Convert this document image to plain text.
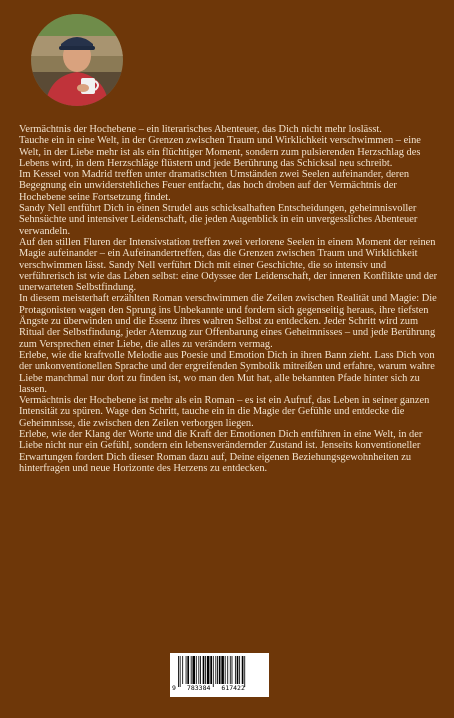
Vermächtnis der Hochebene – ein literarisches Abenteuer, das Dich nicht mehr loslässt.

Tauche ein in eine Welt, in der Grenzen zwischen Traum und Wirklichkeit verschwimmen – eine Welt, in der Liebe mehr ist als ein flüchtiger Moment, sondern zum pulsierenden Herzschlag des Lebens wird, in dem Herzschläge flüstern und jede Berührung das Schicksal neu schreibt.

Im Kessel von Madrid treffen unter dramatischten Umständen zwei Seelen aufeinander, deren Begegnung ein unwiderstehliches Feuer entfacht, das hoch droben auf der Vermächtnis der Hochebene seine Fortsetzung findet.

Sandy Nell entführt Dich in einen Strudel aus schicksalhaften Entscheidungen, geheimnisvoller Sehnsüchte und intensiver Leidenschaft, die jeden Augenblick in ein unvergessliches Abenteuer verwandeln.

Auf den stillen Fluren der Intensivstation treffen zwei verlorene Seelen in einem Moment der reinen Magie aufeinander – ein Aufeinandertreffen, das die Grenzen zwischen Traum und Wirklichkeit verschwimmen lässt. Sandy Nell verführt Dich mit einer Geschichte, die so intensiv und verführerisch ist wie das Leben selbst: eine Odyssee der Leidenschaft, der inneren Konflikte und der unerwarteten Selbstfindung.

In diesem meisterhaft erzählten Roman verschwimmen die Zeilen zwischen Realität und Magie: Die Protagonisten wagen den Sprung ins Unbekannte und fordern sich gegenseitig heraus, ihre tiefsten Ängste zu überwinden und die Essenz ihres wahren Selbst zu entdecken. Jeder Schritt wird zum Ritual der Selbstfindung, jeder Atemzug zur Offenbarung eines Geheimnisses – und jede Berührung zum Versprechen einer Liebe, die alles zu verändern vermag.

Erlebe, wie die kraftvolle Melodie aus Poesie und Emotion Dich in ihren Bann zieht. Lass Dich von der unkonventionellen Sprache und der ergreifenden Symbolik mitreißen und erfahre, warum wahre Liebe manchmal nur dort zu finden ist, wo man den Mut hat, alle bekannten Pfade hinter sich zu lassen.

Vermächtnis der Hochebene ist mehr als ein Roman – es ist ein Aufruf, das Leben in seiner ganzen Intensität zu spüren. Wage den Schritt, tauche ein in die Magie der Gefühle und entdecke die Geheimnisse, die zwischen den Zeilen verborgen liegen.

Erlebe, wie der Klang der Worte und die Kraft der Emotionen Dich entführen in eine Welt, in der Liebe nicht nur ein Gefühl, sondern ein lebensverändernder Zustand ist. Jenseits konventioneller Erwartungen fordert Dich dieser Roman dazu auf, Deine eigenen Beziehungsgewohnheiten zu hinterfragen und neue Horizonte des Herzens zu entdecken.

9 783384 617422
